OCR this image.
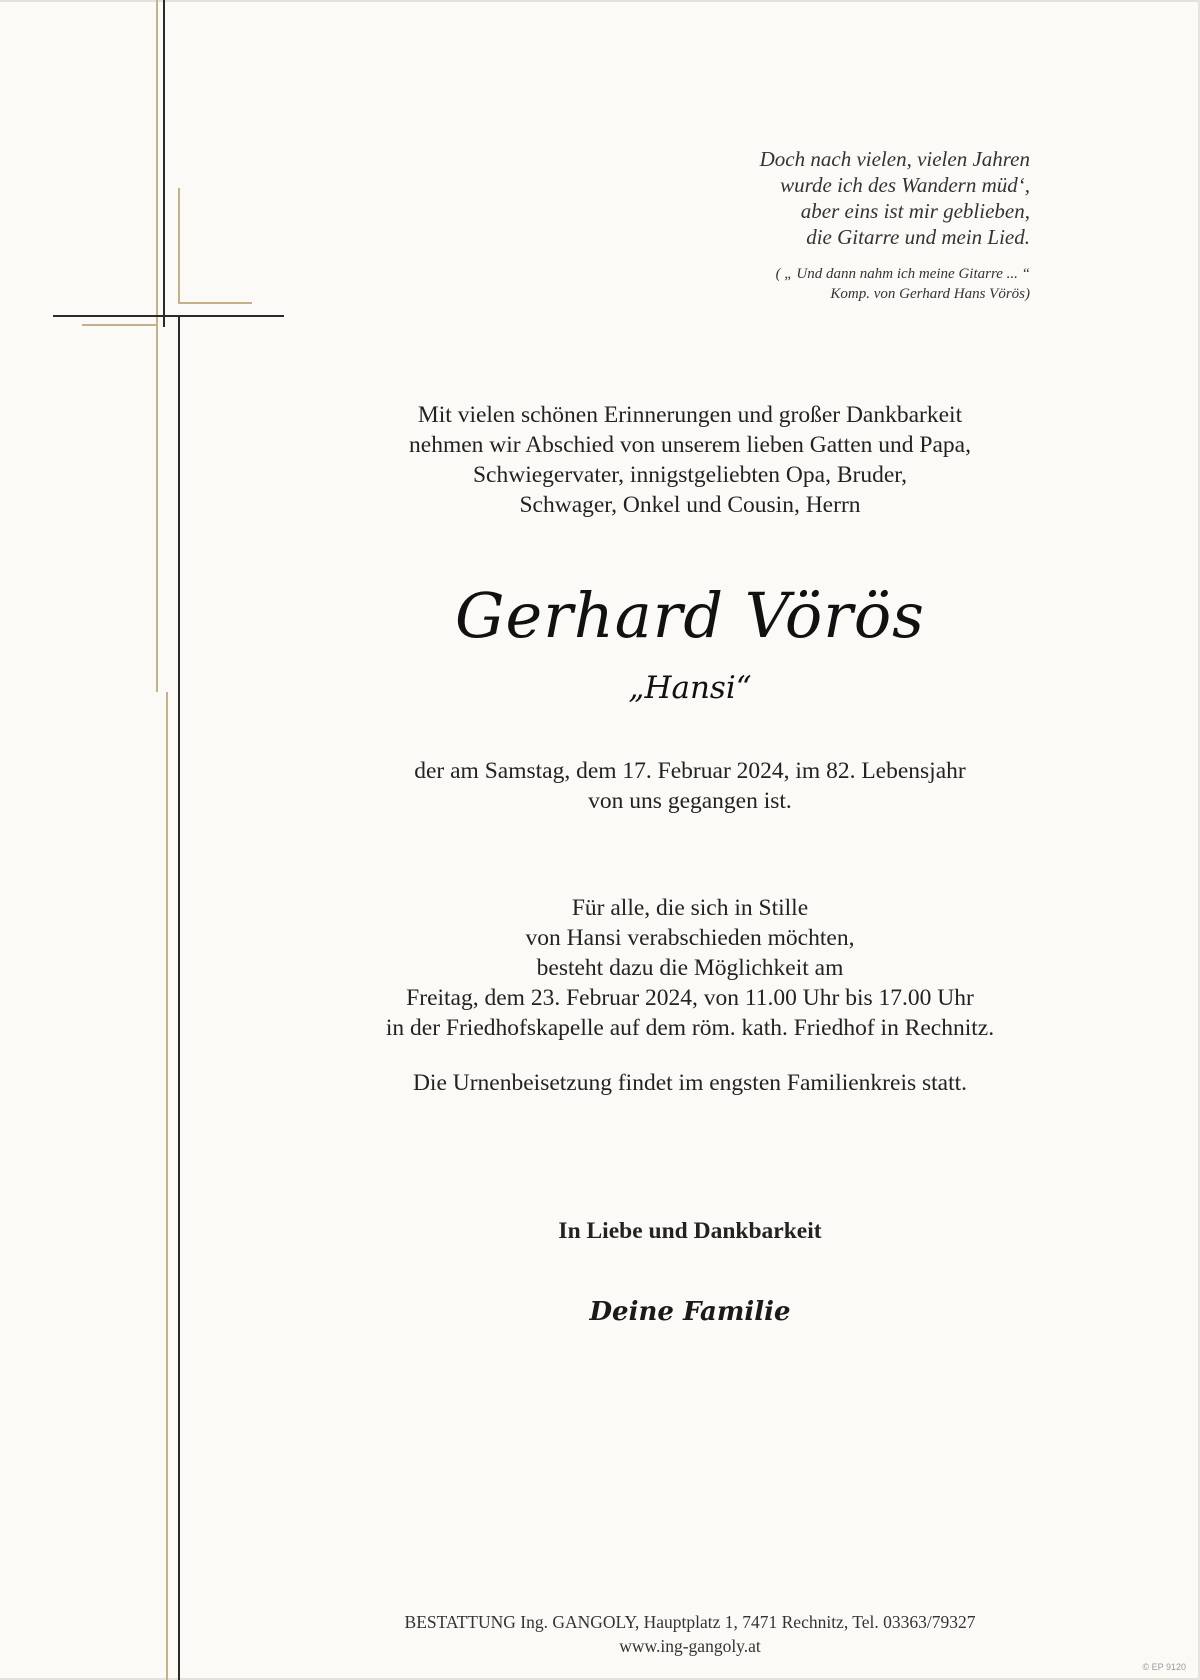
Doch nach vielen, vielen Jahren
wurde ich des Wandern müd‘,
aber eins ist mir geblieben,
die Gitarre und mein Lied.
( „ Und dann nahm ich meine Gitarre ... “
Komp. von Gerhard Hans Vörös)
Mit vielen schönen Erinnerungen und großer Dankbarkeit
nehmen wir Abschied von unserem lieben Gatten und Papa,
Schwiegervater, innigstgeliebten Opa, Bruder,
Schwager, Onkel und Cousin, Herrn
Gerhard Vörös
„Hansi“
der am Samstag, dem 17. Februar 2024, im 82. Lebensjahr
von uns gegangen ist.
Für alle, die sich in Stille
von Hansi verabschieden möchten,
besteht dazu die Möglichkeit am
Freitag, dem 23. Februar 2024, von 11.00 Uhr bis 17.00 Uhr
in der Friedhofskapelle auf dem röm. kath. Friedhof in Rechnitz.
Die Urnenbeisetzung findet im engsten Familienkreis statt.
In Liebe und Dankbarkeit
Deine Familie
BESTATTUNG Ing. GANGOLY, Hauptplatz 1, 7471 Rechnitz, Tel. 03363/79327
www.ing-gangoly.at
© EP 9120
